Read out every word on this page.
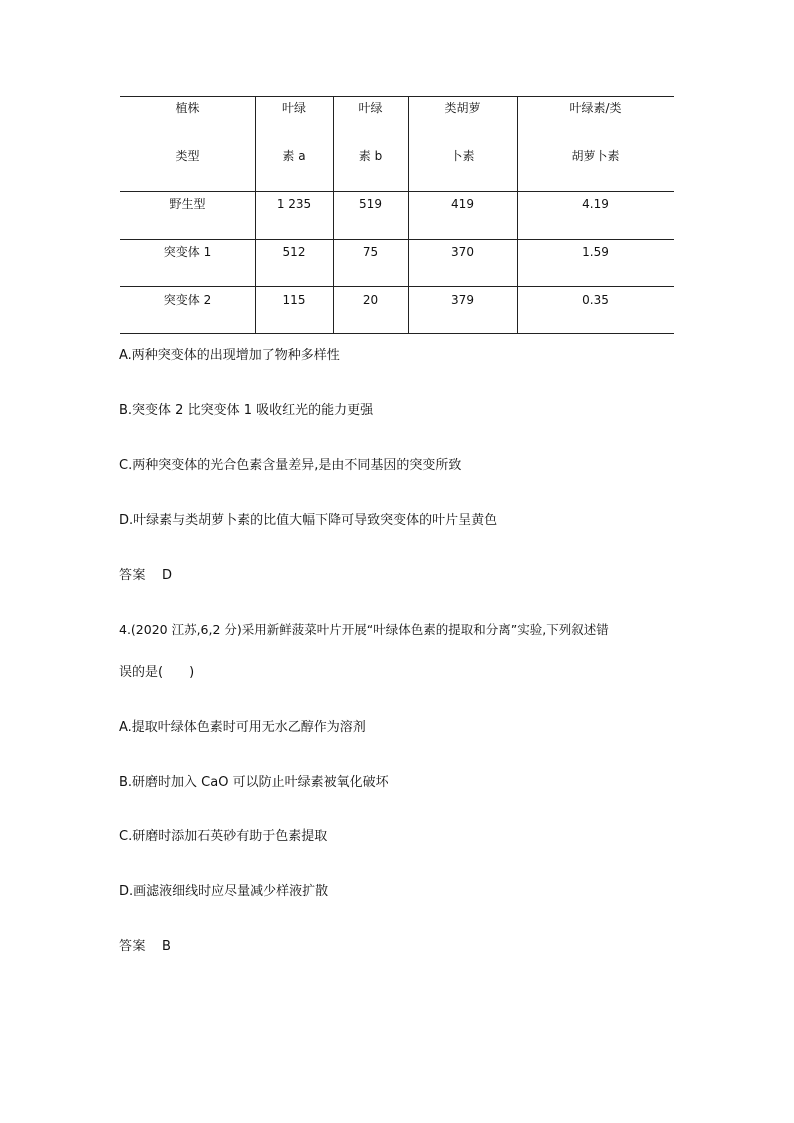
植株	叶绿	叶绿	类胡萝	叶绿素/类
类型	素 a	素 b	卜素	胡萝卜素
野生型	1 235	519	419	4.19
突变体 1	512	75	370	1.59
突变体 2	115	20	379	0.35
A.两种突变体的出现增加了物种多样性
B.突变体 2 比突变体 1 吸收红光的能力更强
C.两种突变体的光合色素含量差异,是由不同基因的突变所致
D.叶绿素与类胡萝卜素的比值大幅下降可导致突变体的叶片呈黄色
答案 D
4.(2020 江苏,6,2 分)采用新鲜菠菜叶片开展“叶绿体色素的提取和分离”实验,下列叙述错
误的是(　　)
A.提取叶绿体色素时可用无水乙醇作为溶剂
B.研磨时加入 CaO 可以防止叶绿素被氧化破坏
C.研磨时添加石英砂有助于色素提取
D.画滤液细线时应尽量减少样液扩散
答案 B
